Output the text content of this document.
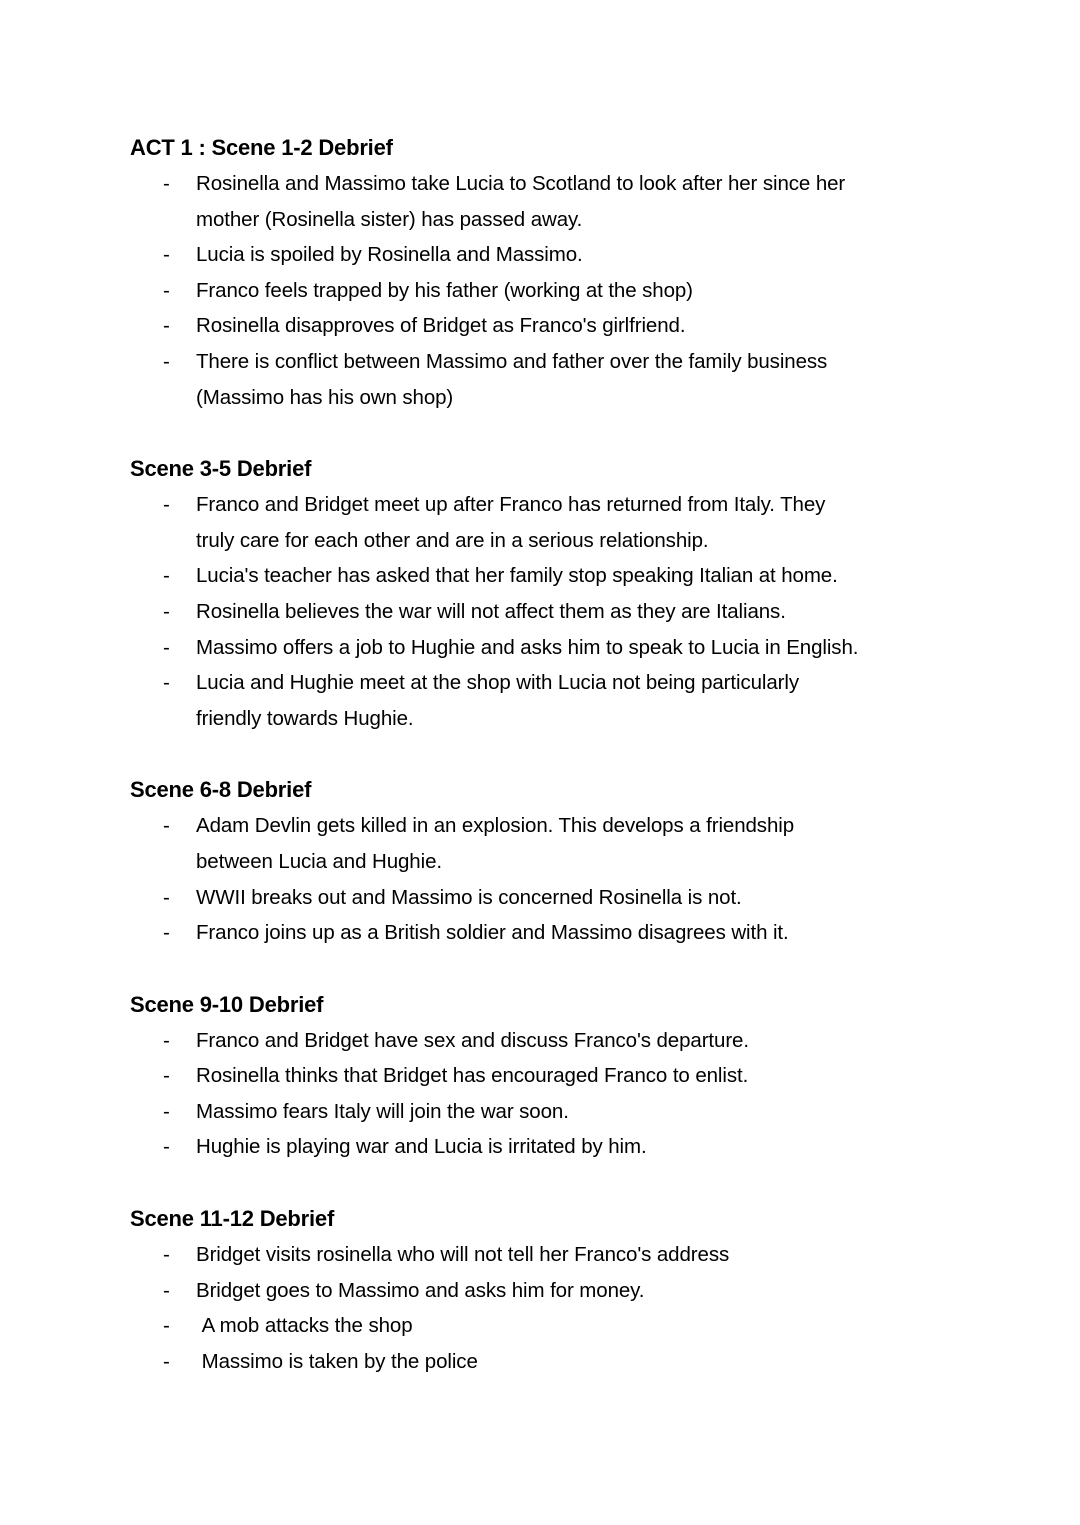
ACT 1 : Scene 1-2 Debrief
- Rosinella and Massimo take Lucia to Scotland to look after her since her
mother (Rosinella sister) has passed away.
- Lucia is spoiled by Rosinella and Massimo.
- Franco feels trapped by his father (working at the shop)
- Rosinella disapproves of Bridget as Franco's girlfriend.
- There is conflict between Massimo and father over the family business
(Massimo has his own shop)
Scene 3-5 Debrief
- Franco and Bridget meet up after Franco has returned from Italy. They
truly care for each other and are in a serious relationship.
- Lucia's teacher has asked that her family stop speaking Italian at home.
- Rosinella believes the war will not affect them as they are Italians.
- Massimo offers a job to Hughie and asks him to speak to Lucia in English.
- Lucia and Hughie meet at the shop with Lucia not being particularly
friendly towards Hughie.
Scene 6-8 Debrief
- Adam Devlin gets killed in an explosion. This develops a friendship
between Lucia and Hughie.
- WWII breaks out and Massimo is concerned Rosinella is not.
- Franco joins up as a British soldier and Massimo disagrees with it.
Scene 9-10 Debrief
- Franco and Bridget have sex and discuss Franco's departure.
- Rosinella thinks that Bridget has encouraged Franco to enlist.
- Massimo fears Italy will join the war soon.
- Hughie is playing war and Lucia is irritated by him.
Scene 11-12 Debrief
- Bridget visits rosinella who will not tell her Franco's address
- Bridget goes to Massimo and asks him for money.
- A mob attacks the shop
- Massimo is taken by the police
